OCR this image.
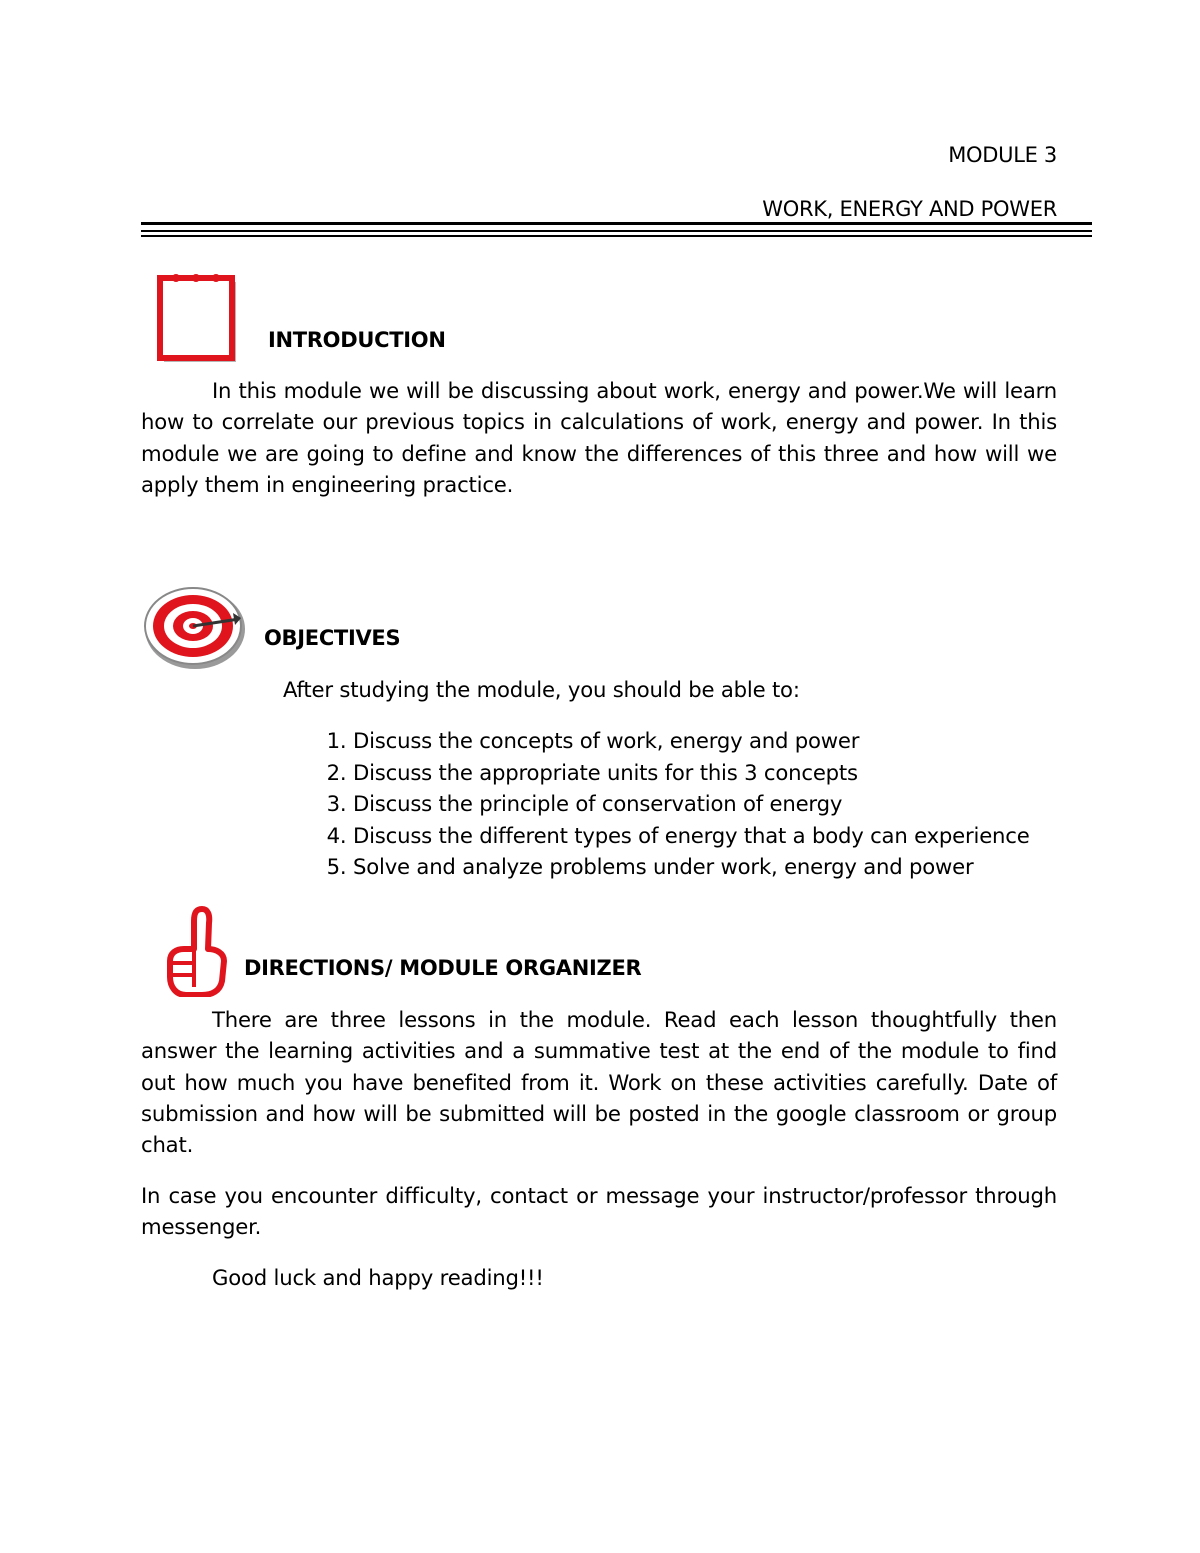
MODULE 3
WORK, ENERGY AND POWER
INTRODUCTION

In this module we will be discussing about work, energy and power.We will learn how to correlate our previous topics in calculations of work, energy and power. In this module we are going to define and know the differences of this three and how will we apply them in engineering practice.

OBJECTIVES
After studying the module, you should be able to:
1. Discuss the concepts of work, energy and power
2. Discuss the appropriate units for this 3 concepts
3. Discuss the principle of conservation of energy
4. Discuss the different types of energy that a body can experience
5. Solve and analyze problems under work, energy and power
DIRECTIONS/ MODULE ORGANIZER

There are three lessons in the module. Read each lesson thoughtfully then answer the learning activities and a summative test at the end of the module to find out how much you have benefited from it. Work on these activities carefully. Date of submission and how will be submitted will be posted in the google classroom or group chat.

In case you encounter difficulty, contact or message your instructor/professor through messenger.

Good luck and happy reading!!!
